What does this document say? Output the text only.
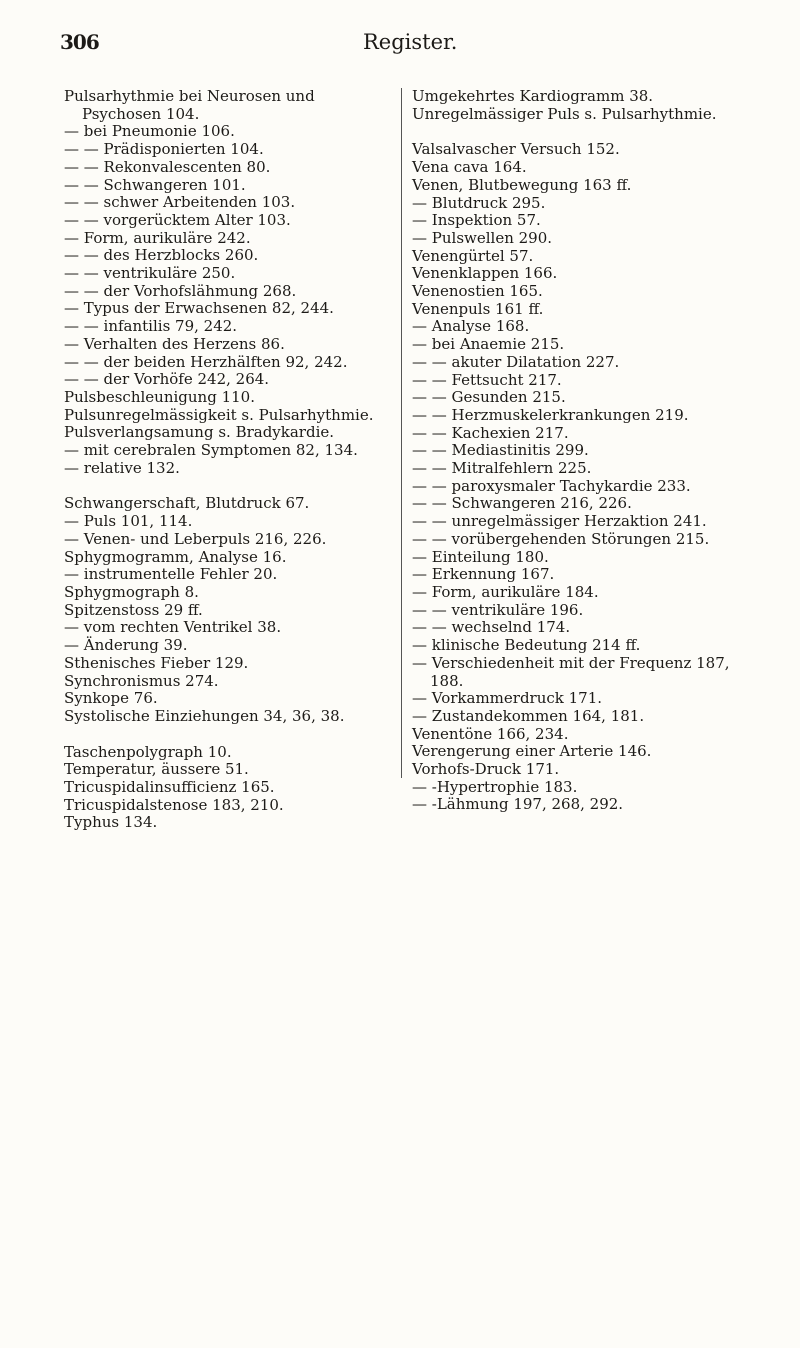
306	Register.
Pulsarhythmie bei Neurosen und Psychosen 104.
— bei Pneumonie 106.
— — Prädisponierten 104.
— — Rekonvalescenten 80.
— — Schwangeren 101.
— — schwer Arbeitenden 103.
— — vorgerücktem Alter 103.
— Form, aurikuläre 242.
— — des Herzblocks 260.
— — ventrikuläre 250.
— — der Vorhofslähmung 268.
— Typus der Erwachsenen 82, 244.
— — infantilis 79, 242.
— Verhalten des Herzens 86.
— — der beiden Herzhälften 92, 242.
— — der Vorhöfe 242, 264.
Pulsbeschleunigung 110.
Pulsunregelmässigkeit s. Pulsarhythmie.
Pulsverlangsamung s. Bradykardie.
— mit cerebralen Symptomen 82, 134.
— relative 132.
Schwangerschaft, Blutdruck 67.
— Puls 101, 114.
— Venen- und Leberpuls 216, 226.
Sphygmogramm, Analyse 16.
— instrumentelle Fehler 20.
Sphygmograph 8.
Spitzenstoss 29 ff.
— vom rechten Ventrikel 38.
— Änderung 39.
Sthenisches Fieber 129.
Synchronismus 274.
Synkope 76.
Systolische Einziehungen 34, 36, 38.
Taschenpolygraph 10.
Temperatur, äussere 51.
Tricuspidalinsufficienz 165.
Tricuspidalstenose 183, 210.
Typhus 134.
Umgekehrtes Kardiogramm 38.
Unregelmässiger Puls s. Pulsarhythmie.
Valsalvascher Versuch 152.
Vena cava 164.
Venen, Blutbewegung 163 ff.
— Blutdruck 295.
— Inspektion 57.
— Pulswellen 290.
Venengürtel 57.
Venenklappen 166.
Venenostien 165.
Venenpuls 161 ff.
— Analyse 168.
— bei Anaemie 215.
— — akuter Dilatation 227.
— — Fettsucht 217.
— — Gesunden 215.
— — Herzmuskelerkrankungen 219.
— — Kachexien 217.
— — Mediastinitis 299.
— — Mitralfehlern 225.
— — paroxysmaler Tachykardie 233.
— — Schwangeren 216, 226.
— — unregelmässiger Herzaktion 241.
— — vorübergehenden Störungen 215.
— Einteilung 180.
— Erkennung 167.
— Form, aurikuläre 184.
— — ventrikuläre 196.
— — wechselnd 174.
— klinische Bedeutung 214 ff.
— Verschiedenheit mit der Frequenz 187, 188.
— Vorkammerdruck 171.
— Zustandekommen 164, 181.
Venentöne 166, 234.
Verengerung einer Arterie 146.
Vorhofs-Druck 171.
— -Hypertrophie 183.
— -Lähmung 197, 268, 292.
